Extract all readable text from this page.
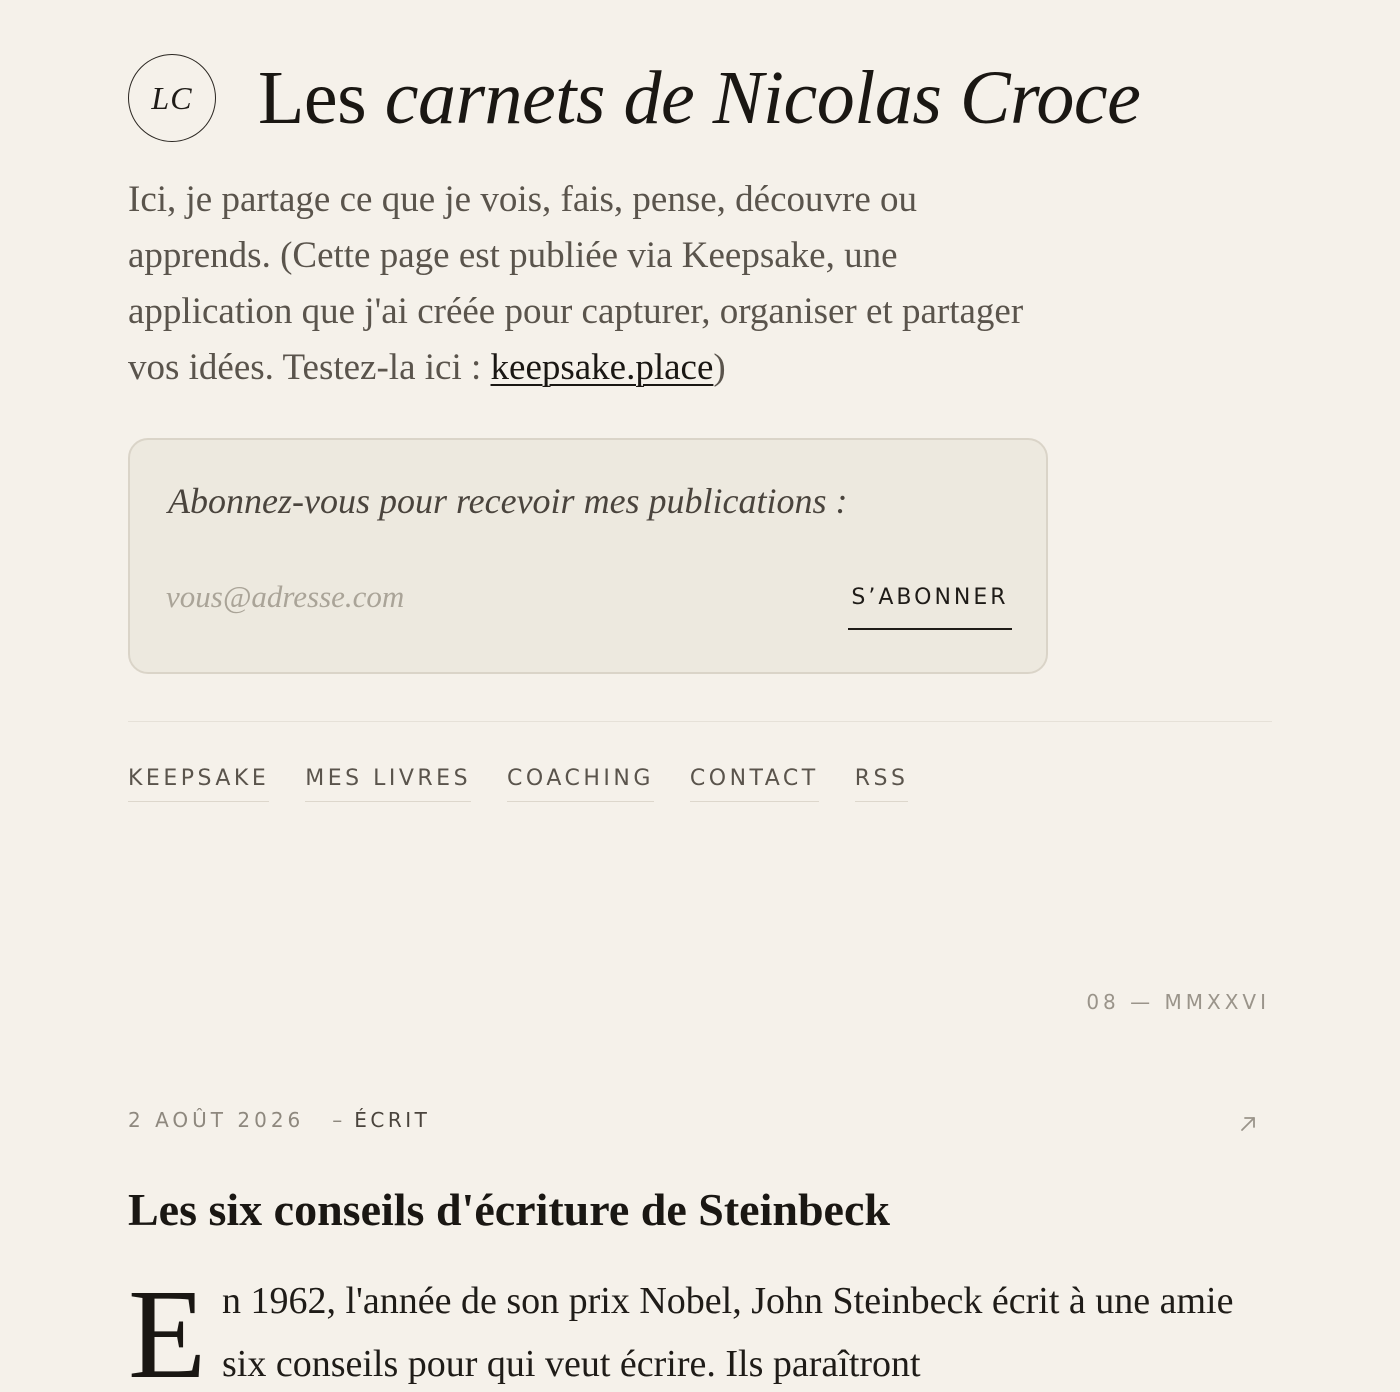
LC Les carnets de Nicolas Croce

Ici, je partage ce que je vois, fais, pense, découvre ou apprends. (Cette page est publiée via Keepsake, une application que j'ai créée pour capturer, organiser et partager vos idées. Testez-la ici : keepsake.place)

Abonnez-vous pour recevoir mes publications :
vous@adresse.com
S’ABONNER
KEEPSAKE MES LIVRES COACHING CONTACT RSS
08 — MMXXVI
2 AOÛT 2026 – ÉCRIT
Les six conseils d'écriture de Steinbeck
E n 1962, l'année de son prix Nobel, John Steinbeck écrit à une amie six conseils pour qui veut écrire. Ils paraîtront
